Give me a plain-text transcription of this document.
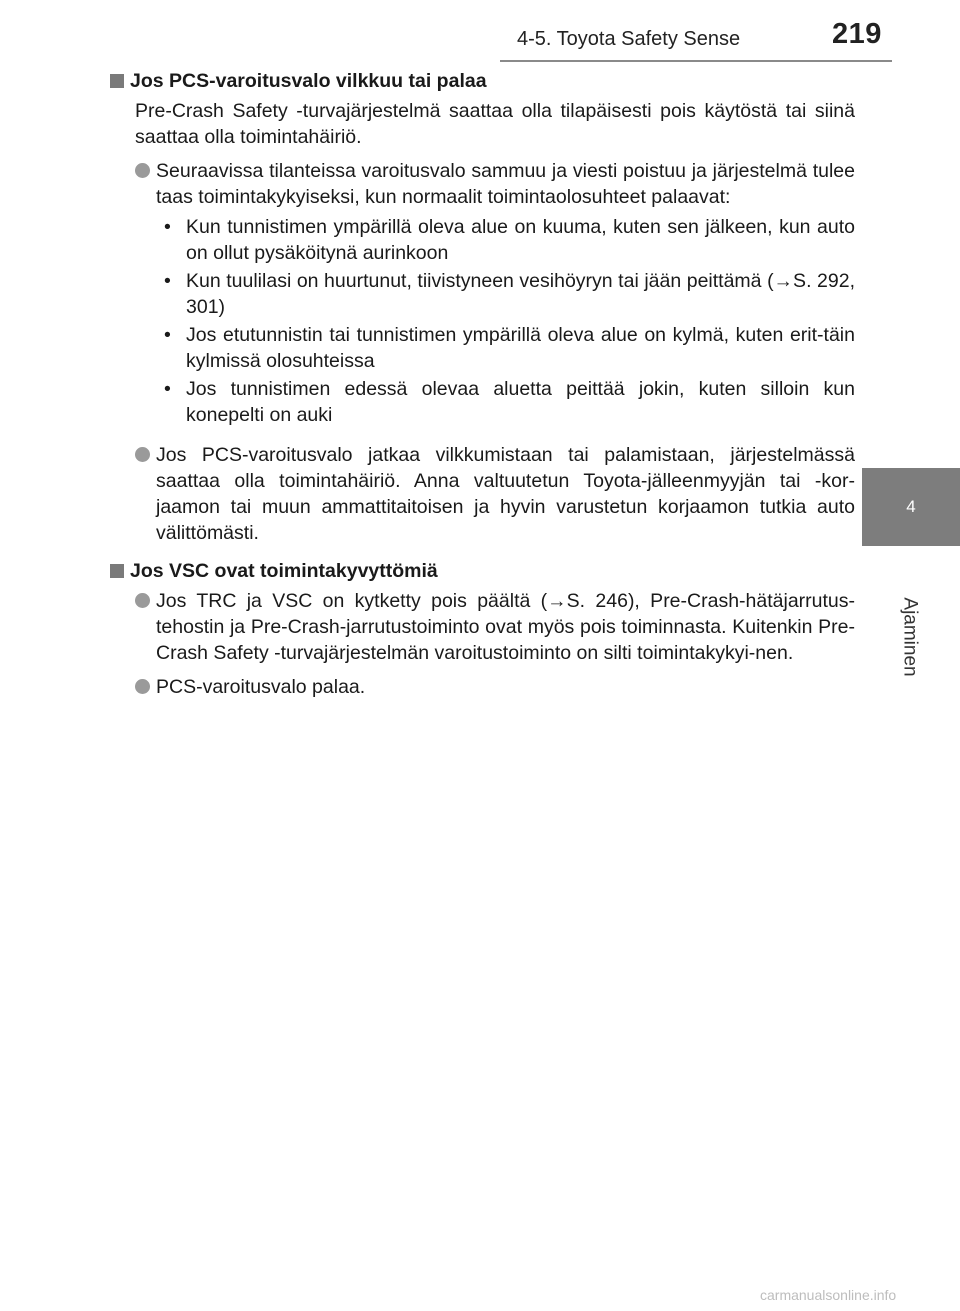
4-5. Toyota Safety Sense	219
4
Ajaminen
Jos PCS-varoitusvalo vilkkuu tai palaa
Pre-Crash Safety -turvajärjestelmä saattaa olla tilapäisesti pois käytöstä tai siinä saattaa olla toimintahäiriö.
Seuraavissa tilanteissa varoitusvalo sammuu ja viesti poistuu ja järjestelmä tulee taas toimintakykyiseksi, kun normaalit toimintaolosuhteet palaavat:
• Kun tunnistimen ympärillä oleva alue on kuuma, kuten sen jälkeen, kun auto on ollut pysäköitynä aurinkoon
• Kun tuulilasi on huurtunut, tiivistyneen vesihöyryn tai jään peittämä (→S. 292, 301)
• Jos etutunnistin tai tunnistimen ympärillä oleva alue on kylmä, kuten erit-täin kylmissä olosuhteissa
• Jos tunnistimen edessä olevaa aluetta peittää jokin, kuten silloin kun konepelti on auki
Jos PCS-varoitusvalo jatkaa vilkkumistaan tai palamistaan, järjestelmässä saattaa olla toimintahäiriö. Anna valtuutetun Toyota-jälleenmyyjän tai -kor-jaamon tai muun ammattitaitoisen ja hyvin varustetun korjaamon tutkia auto välittömästi.
Jos VSC ovat toimintakyvyttömiä
Jos TRC ja VSC on kytketty pois päältä (→S. 246), Pre-Crash-hätäjarrutus-tehostin ja Pre-Crash-jarrutustoiminto ovat myös pois toiminnasta. Kuitenkin Pre-Crash Safety -turvajärjestelmän varoitustoiminto on silti toimintakykyi-nen.
PCS-varoitusvalo palaa.
carmanualsonline.info
